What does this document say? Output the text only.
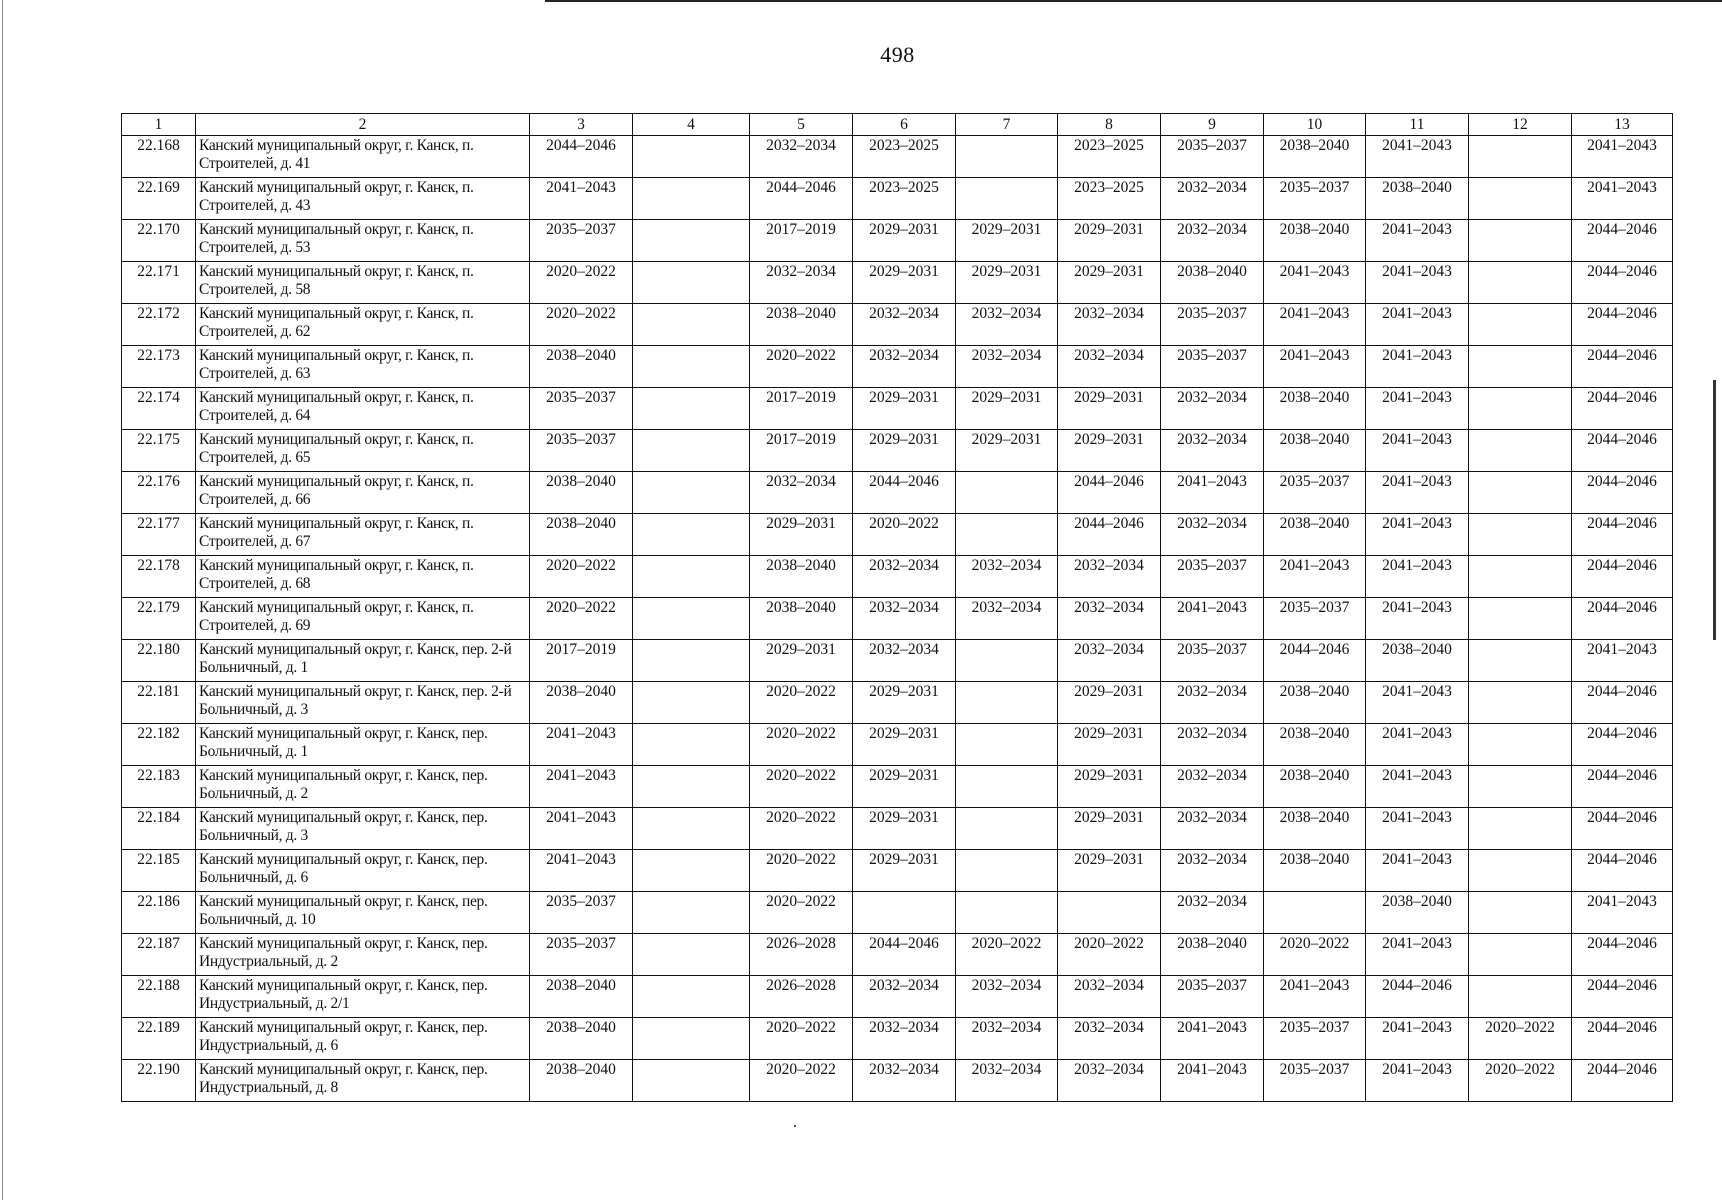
498
1	2	3	4	5	6	7	8	9	10	11	12	13
22.168	Канский муниципальный округ, г. Канск, п. Строителей, д. 41	2044–2046		2032–2034	2023–2025		2023–2025	2035–2037	2038–2040	2041–2043		2041–2043
22.169	Канский муниципальный округ, г. Канск, п. Строителей, д. 43	2041–2043		2044–2046	2023–2025		2023–2025	2032–2034	2035–2037	2038–2040		2041–2043
22.170	Канский муниципальный округ, г. Канск, п. Строителей, д. 53	2035–2037		2017–2019	2029–2031	2029–2031	2029–2031	2032–2034	2038–2040	2041–2043		2044–2046
22.171	Канский муниципальный округ, г. Канск, п. Строителей, д. 58	2020–2022		2032–2034	2029–2031	2029–2031	2029–2031	2038–2040	2041–2043	2041–2043		2044–2046
22.172	Канский муниципальный округ, г. Канск, п. Строителей, д. 62	2020–2022		2038–2040	2032–2034	2032–2034	2032–2034	2035–2037	2041–2043	2041–2043		2044–2046
22.173	Канский муниципальный округ, г. Канск, п. Строителей, д. 63	2038–2040		2020–2022	2032–2034	2032–2034	2032–2034	2035–2037	2041–2043	2041–2043		2044–2046
22.174	Канский муниципальный округ, г. Канск, п. Строителей, д. 64	2035–2037		2017–2019	2029–2031	2029–2031	2029–2031	2032–2034	2038–2040	2041–2043		2044–2046
22.175	Канский муниципальный округ, г. Канск, п. Строителей, д. 65	2035–2037		2017–2019	2029–2031	2029–2031	2029–2031	2032–2034	2038–2040	2041–2043		2044–2046
22.176	Канский муниципальный округ, г. Канск, п. Строителей, д. 66	2038–2040		2032–2034	2044–2046		2044–2046	2041–2043	2035–2037	2041–2043		2044–2046
22.177	Канский муниципальный округ, г. Канск, п. Строителей, д. 67	2038–2040		2029–2031	2020–2022		2044–2046	2032–2034	2038–2040	2041–2043		2044–2046
22.178	Канский муниципальный округ, г. Канск, п. Строителей, д. 68	2020–2022		2038–2040	2032–2034	2032–2034	2032–2034	2035–2037	2041–2043	2041–2043		2044–2046
22.179	Канский муниципальный округ, г. Канск, п. Строителей, д. 69	2020–2022		2038–2040	2032–2034	2032–2034	2032–2034	2041–2043	2035–2037	2041–2043		2044–2046
22.180	Канский муниципальный округ, г. Канск, пер. 2-й Больничный, д. 1	2017–2019		2029–2031	2032–2034		2032–2034	2035–2037	2044–2046	2038–2040		2041–2043
22.181	Канский муниципальный округ, г. Канск, пер. 2-й Больничный, д. 3	2038–2040		2020–2022	2029–2031		2029–2031	2032–2034	2038–2040	2041–2043		2044–2046
22.182	Канский муниципальный округ, г. Канск, пер. Больничный, д. 1	2041–2043		2020–2022	2029–2031		2029–2031	2032–2034	2038–2040	2041–2043		2044–2046
22.183	Канский муниципальный округ, г. Канск, пер. Больничный, д. 2	2041–2043		2020–2022	2029–2031		2029–2031	2032–2034	2038–2040	2041–2043		2044–2046
22.184	Канский муниципальный округ, г. Канск, пер. Больничный, д. 3	2041–2043		2020–2022	2029–2031		2029–2031	2032–2034	2038–2040	2041–2043		2044–2046
22.185	Канский муниципальный округ, г. Канск, пер. Больничный, д. 6	2041–2043		2020–2022	2029–2031		2029–2031	2032–2034	2038–2040	2041–2043		2044–2046
22.186	Канский муниципальный округ, г. Канск, пер. Больничный, д. 10	2035–2037		2020–2022				2032–2034		2038–2040		2041–2043
22.187	Канский муниципальный округ, г. Канск, пер. Индустриальный, д. 2	2035–2037		2026–2028	2044–2046	2020–2022	2020–2022	2038–2040	2020–2022	2041–2043		2044–2046
22.188	Канский муниципальный округ, г. Канск, пер. Индустриальный, д. 2/1	2038–2040		2026–2028	2032–2034	2032–2034	2032–2034	2035–2037	2041–2043	2044–2046		2044–2046
22.189	Канский муниципальный округ, г. Канск, пер. Индустриальный, д. 6	2038–2040		2020–2022	2032–2034	2032–2034	2032–2034	2041–2043	2035–2037	2041–2043	2020–2022	2044–2046
22.190	Канский муниципальный округ, г. Канск, пер. Индустриальный, д. 8	2038–2040		2020–2022	2032–2034	2032–2034	2032–2034	2041–2043	2035–2037	2041–2043	2020–2022	2044–2046
